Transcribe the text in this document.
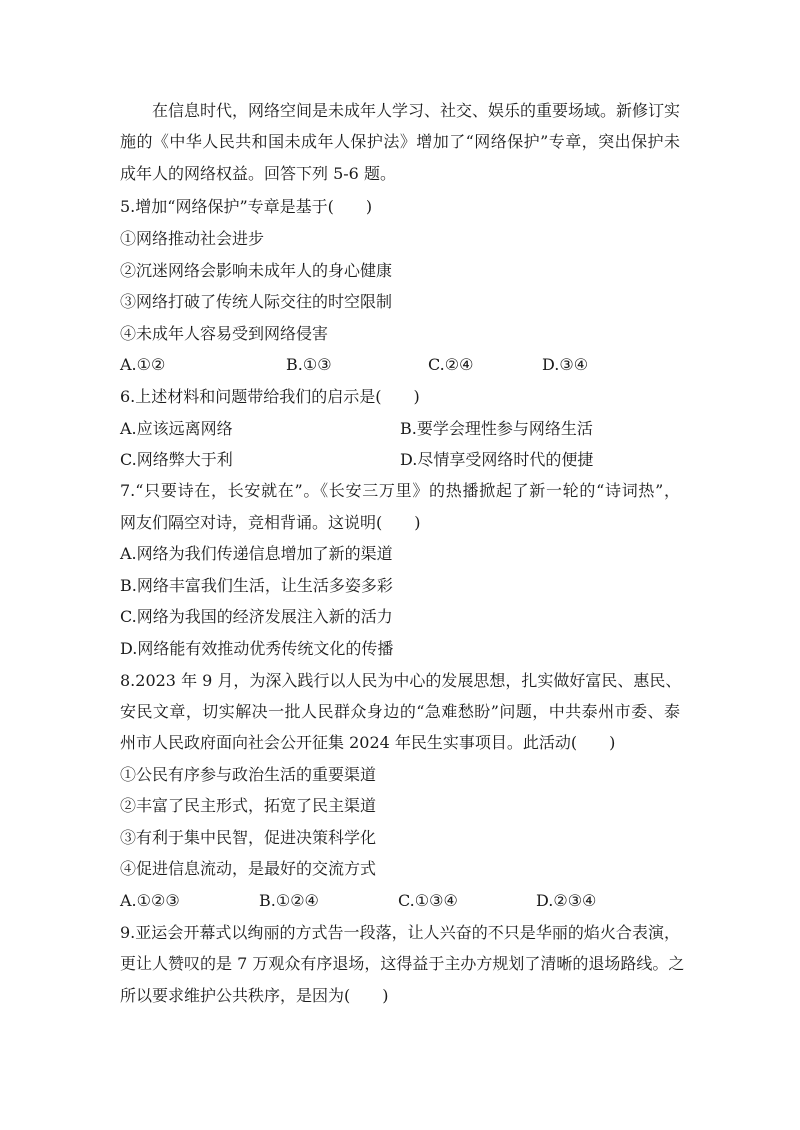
在信息时代，网络空间是未成年人学习、社交、娱乐的重要场域。新修订实
施的《中华人民共和国未成年人保护法》增加了“网络保护”专章，突出保护未
成年人的网络权益。回答下列 5-6 题。
5.增加“网络保护”专章是基于(　　)
①网络推动社会进步
②沉迷网络会影响未成年人的身心健康
③网络打破了传统人际交往的时空限制
④未成年人容易受到网络侵害
A.①②	B.①③	C.②④	D.③④
6.上述材料和问题带给我们的启示是(　　)
A.应该远离网络	B.要学会理性参与网络生活
C.网络弊大于利	D.尽情享受网络时代的便捷
7.“只要诗在，长安就在”。《长安三万里》的热播掀起了新一轮的“诗词热”，
网友们隔空对诗，竞相背诵。这说明(　　)
A.网络为我们传递信息增加了新的渠道
B.网络丰富我们生活，让生活多姿多彩
C.网络为我国的经济发展注入新的活力
D.网络能有效推动优秀传统文化的传播
8.2023 年 9 月，为深入践行以人民为中心的发展思想，扎实做好富民、惠民、
安民文章，切实解决一批人民群众身边的“急难愁盼”问题，中共泰州市委、泰
州市人民政府面向社会公开征集 2024 年民生实事项目。此活动(　　)
①公民有序参与政治生活的重要渠道
②丰富了民主形式，拓宽了民主渠道
③有利于集中民智，促进决策科学化
④促进信息流动，是最好的交流方式
A.①②③	B.①②④	C.①③④	D.②③④
9.亚运会开幕式以绚丽的方式告一段落，让人兴奋的不只是华丽的焰火合表演，
更让人赞叹的是 7 万观众有序退场，这得益于主办方规划了清晰的退场路线。之
所以要求维护公共秩序，是因为(　　)
